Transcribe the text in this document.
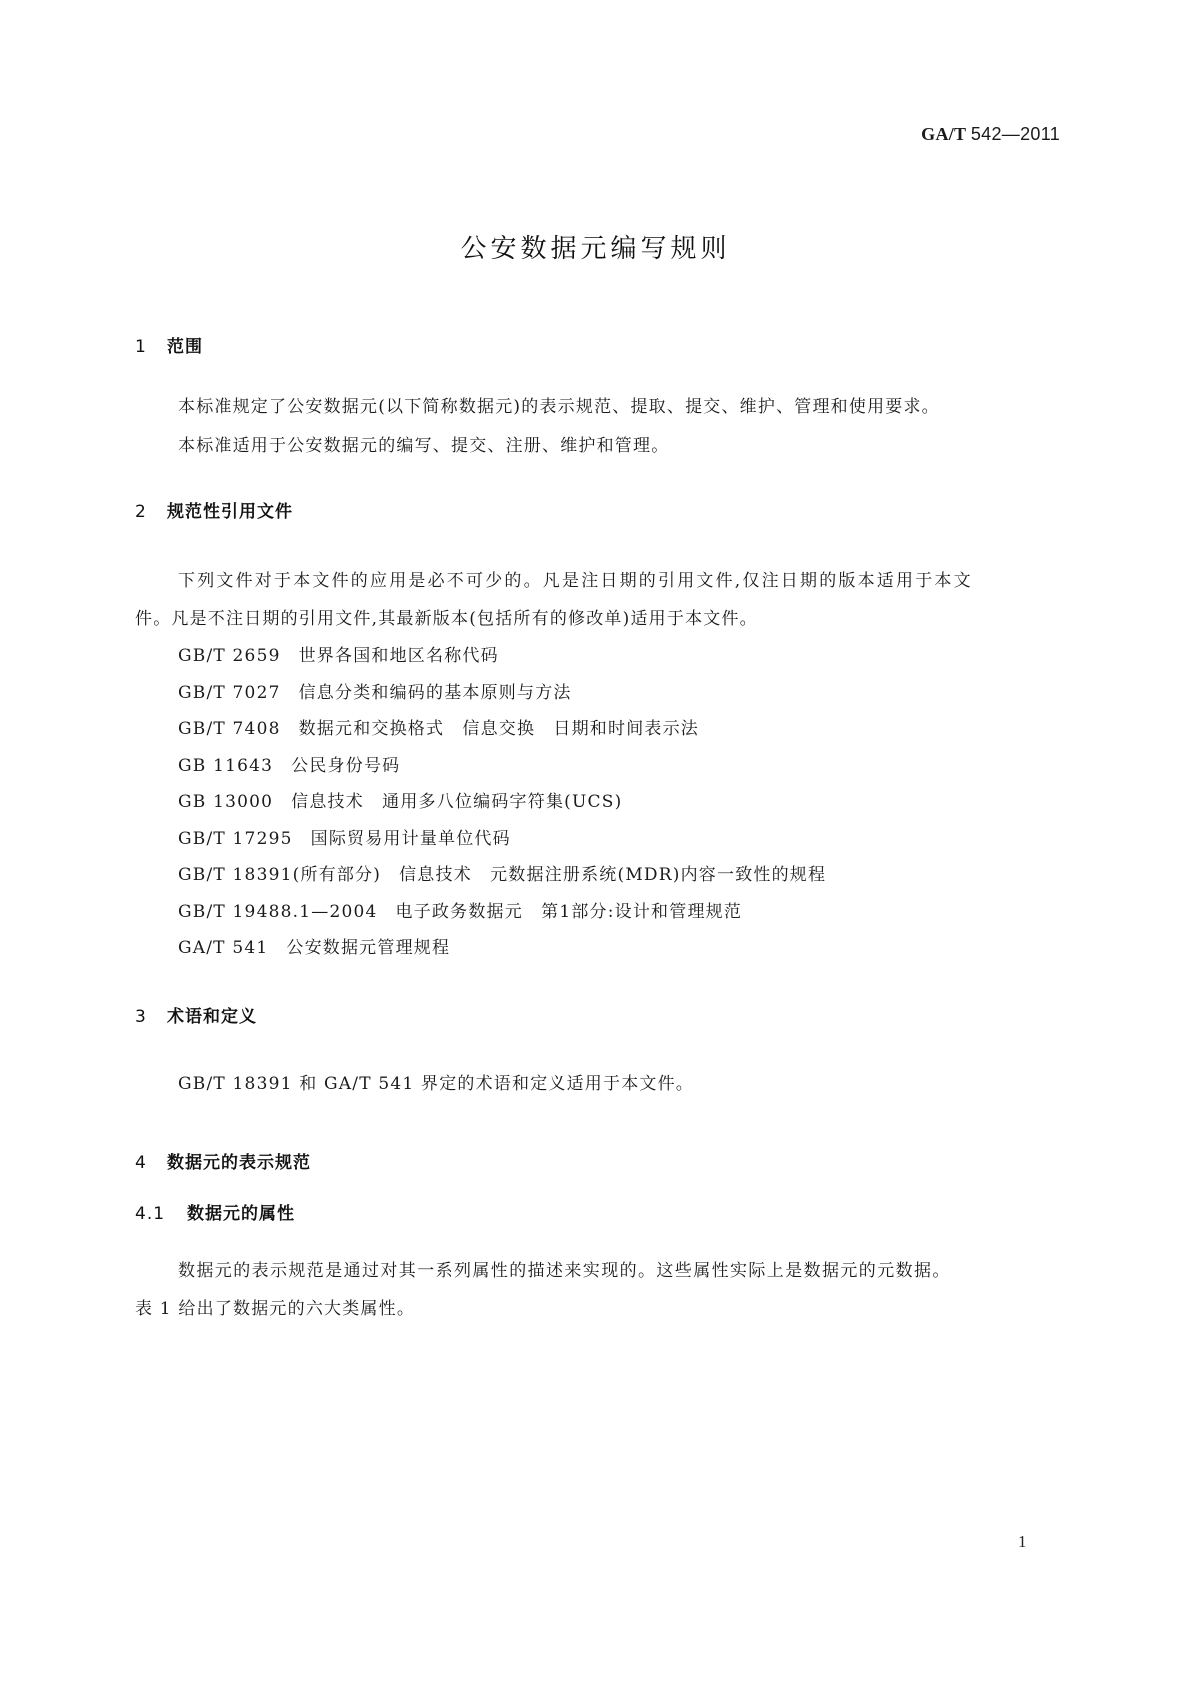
GA/T 542—2011
公安数据元编写规则
1 范围
本标准规定了公安数据元(以下简称数据元)的表示规范、提取、提交、维护、管理和使用要求。
本标准适用于公安数据元的编写、提交、注册、维护和管理。
2 规范性引用文件
下列文件对于本文件的应用是必不可少的。凡是注日期的引用文件,仅注日期的版本适用于本文
件。凡是不注日期的引用文件,其最新版本(包括所有的修改单)适用于本文件。
GB/T 2659 世界各国和地区名称代码
GB/T 7027 信息分类和编码的基本原则与方法
GB/T 7408 数据元和交换格式　信息交换　日期和时间表示法
GB 11643 公民身份号码
GB 13000 信息技术　通用多八位编码字符集(UCS)
GB/T 17295 国际贸易用计量单位代码
GB/T 18391(所有部分) 信息技术　元数据注册系统(MDR)内容一致性的规程
GB/T 19488.1—2004 电子政务数据元　第1部分:设计和管理规范
GA/T 541 公安数据元管理规程
3 术语和定义
GB/T 18391 和 GA/T 541 界定的术语和定义适用于本文件。
4 数据元的表示规范
4.1 数据元的属性
数据元的表示规范是通过对其一系列属性的描述来实现的。这些属性实际上是数据元的元数据。
表 1 给出了数据元的六大类属性。
1
